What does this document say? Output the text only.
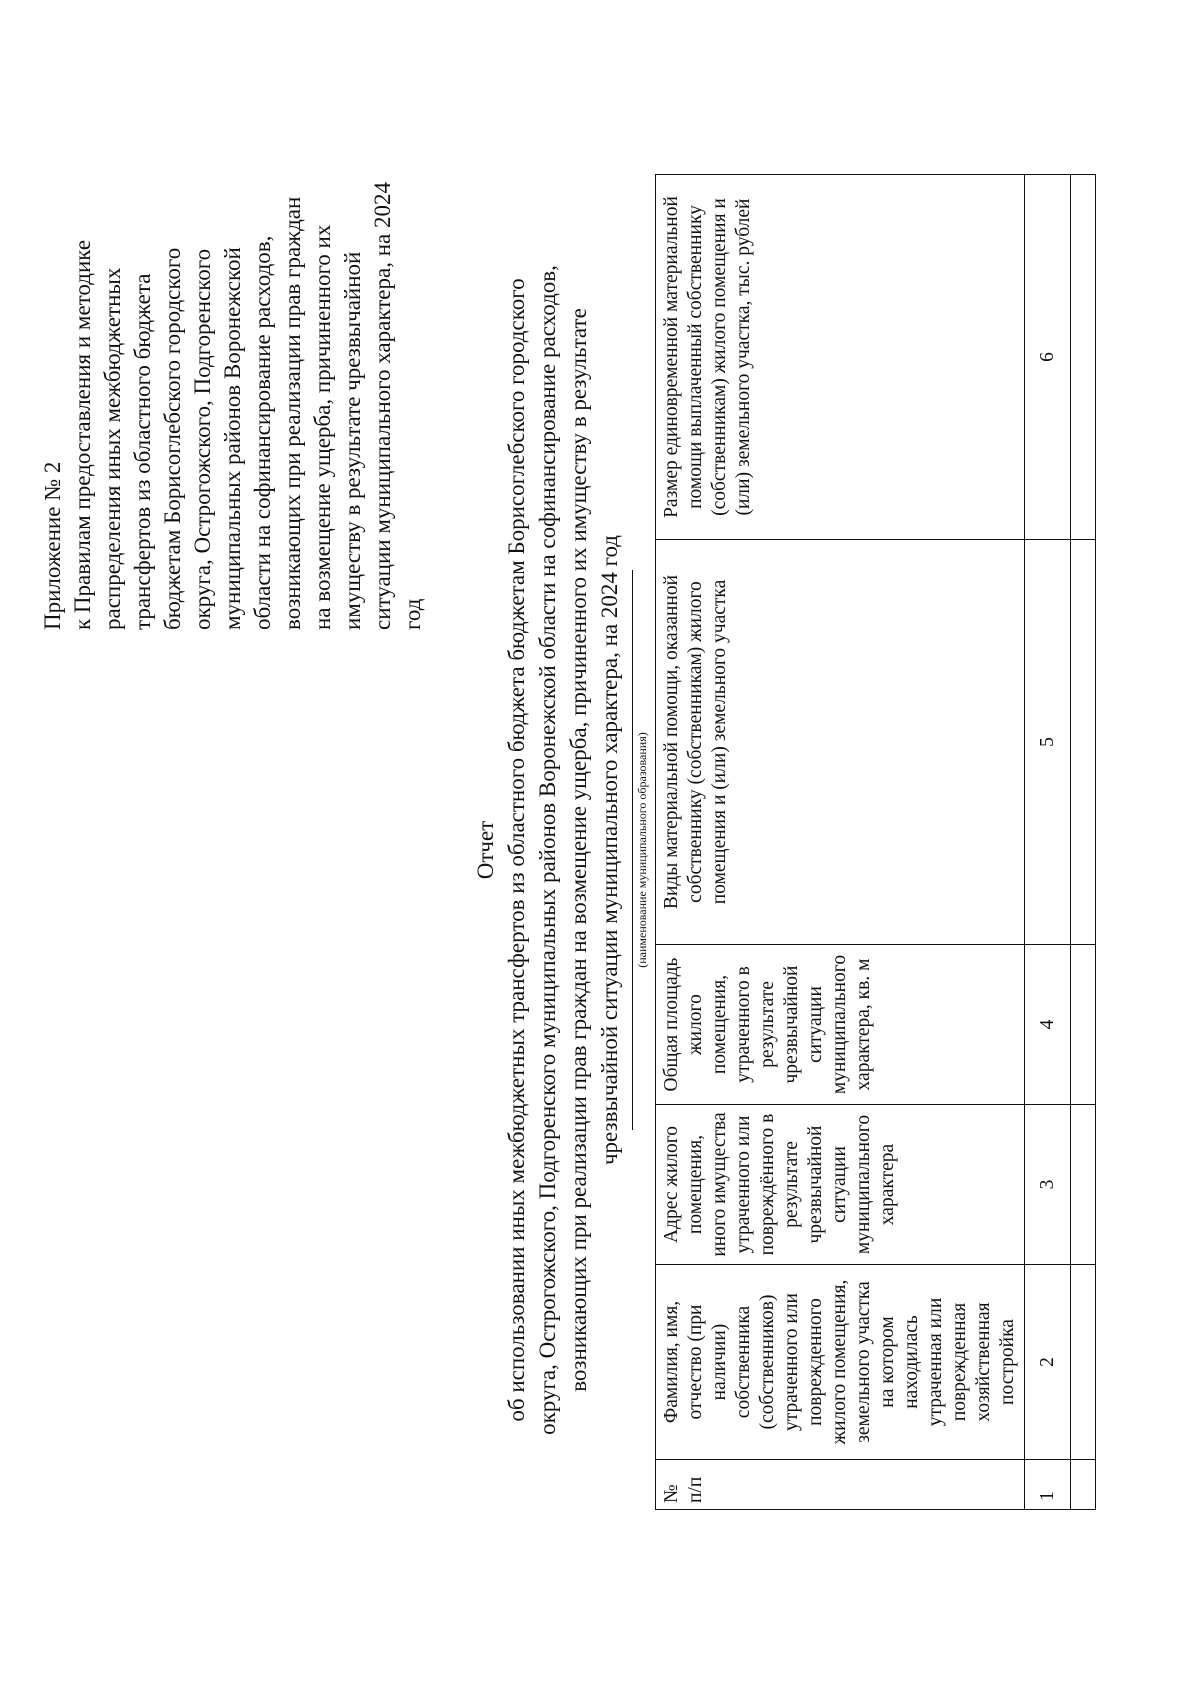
Приложение № 2 к Правилам предоставления и методике распределения иных межбюджетных трансфертов из областного бюджета бюджетам Борисоглебского городского округа, Острогожского, Подгоренского муниципальных районов Воронежской области на софинансирование расходов, возникающих при реализации прав граждан на возмещение ущерба, причиненного их имуществу в результате чрезвычайной ситуации муниципального характера, на 2024 год
Отчет об использовании иных межбюджетных трансфертов из областного бюджета бюджетам Борисоглебского городского округа, Острогожского, Подгоренского муниципальных районов Воронежской области на софинансирование расходов, возникающих при реализации прав граждан на возмещение ущерба, причиненного их имуществу в результате чрезвычайной ситуации муниципального характера, на 2024 год (наименование муниципального образования)
№ п/п	Фамилия, имя, отчество (при наличии) собственника (собственников) утраченного или поврежденного жилого помещения, земельного участка на котором находилась утраченная или поврежденная хозяйственная постройка	Адрес жилого помещения, иного имущества утраченного или повреждённого в результате чрезвычайной ситуации муниципального характера	Общая площадь жилого помещения, утраченного в результате чрезвычайной ситуации муниципального характера, кв. м	Виды материальной помощи, оказанной собственнику (собственникам) жилого помещения и (или) земельного участка	Размер единовременной материальной помощи выплаченный собственнику (собственникам) жилого помещения и (или) земельного участка, тыс. рублей
1	2	3	4	5	6
